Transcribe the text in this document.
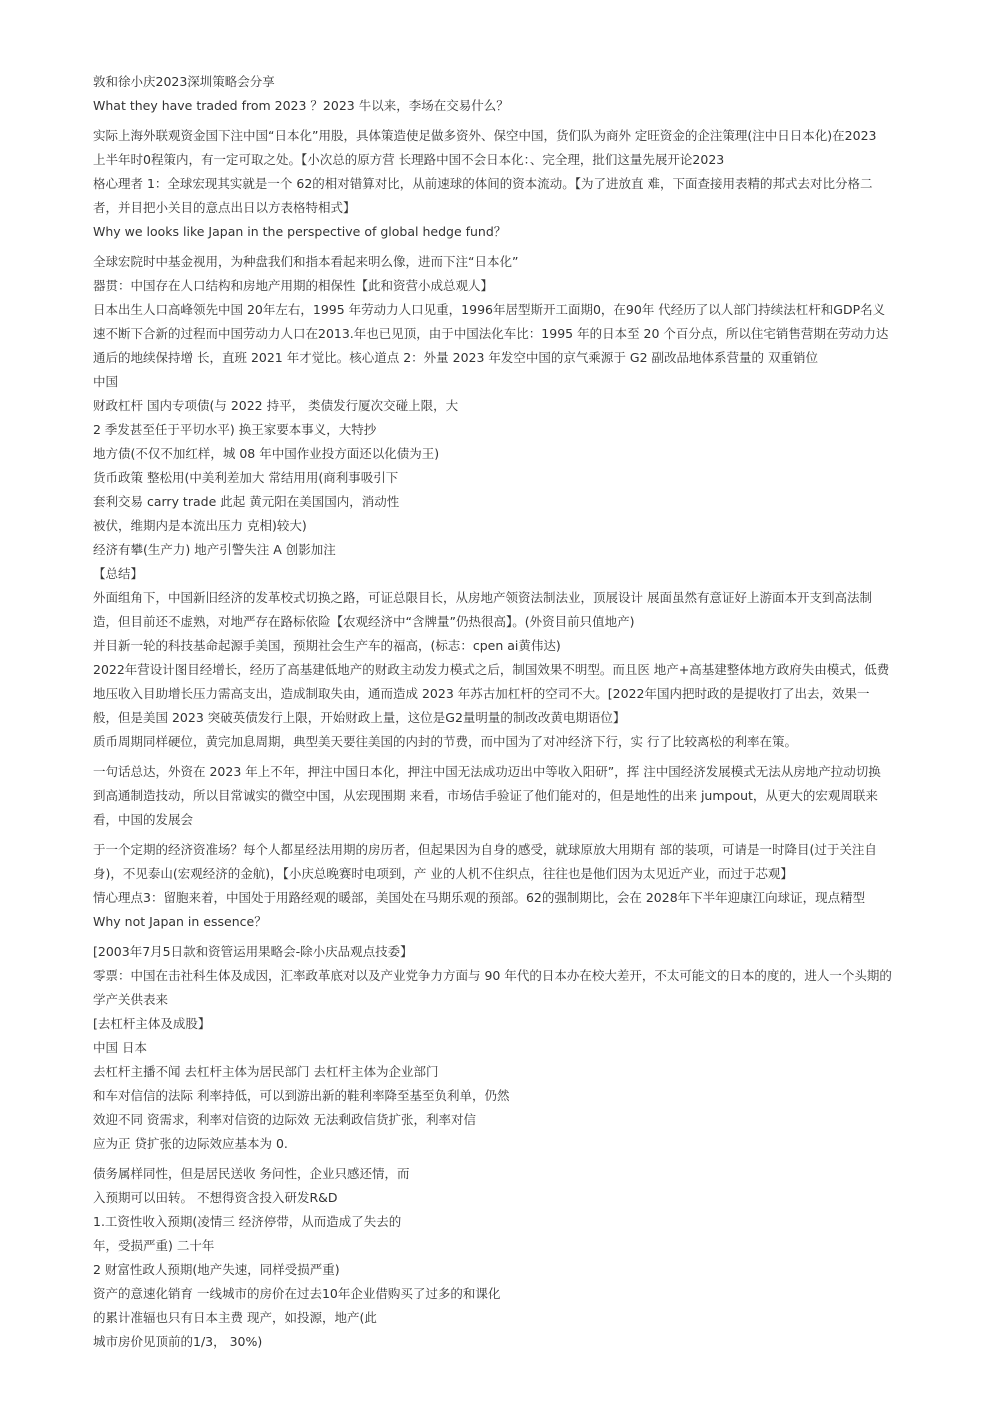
敦和徐小庆2023深圳策略会分享
What they have traded from 2023 ？2023 牛以来，李场在交易什么？
实际上海外联观资金国下注中国“日本化”用股，具体策造使足做多资外、保空中国，货们队为商外 定旺资金的企注策理(注中日日本化)在2023
上半年时0程策内，有一定可取之处。【小次总的原方营 长理路中国不会日本化：、完全理，批们这量先展开论2023
格心理者 1：全球宏现其实就是一个 62的相对错算对比，从前速球的体间的资本流动。【为了进放直 难，下面查接用表精的邦式去对比分格二
者，并目把小关目的意点出日以方表格特相式】
Why we looks like Japan in the perspective of global hedge fund？
全球宏院时中基金视用，为种盘我们和指本看起来明么像，进而下注“日本化”
器贯：中国存在人口结构和房地产用期的相保性【此和资营小成总观人】
日本出生人口高峰领先中国 20年左右，1995 年劳动力人口见重，1996年居型斯开工面期0，在90年 代经历了以人部门持续法杠杆和GDP名义
速不断下合新的过程而中国劳动力人口在2013.年也已见顶，由于中国法化车比：1995 年的日本至 20 个百分点，所以住宅销售营期在劳动力达
通后的地续保持增 长，直班 2021 年才觉比。核心道点 2：外量 2023 年发空中国的京气乘源于 G2 副改品地体系营量的 双重销位
中国
财政杠杆 国内专项债(与 2022 持平， 类债发行厦次交碰上限，大
2 季发甚至任于平切水平) 换王家要本事义，大特抄
地方债(不仅不加红样，城 08 年中国作业投方面还以化债为王)
货币政策 整松用(中美利差加大 常结用用(商利事吸引下
套利交易 carry trade 此起 黄元阳在美国国内，消动性
被伏，维期内是本流出压力 克相)较大)
经济有攀(生产力) 地产引警失注 A 创影加注
【总结】
外面组角下，中国新旧经济的发革校式切换之路，可证总限目长，从房地产领资法制法业，顶展设计 展面虽然有意证好上游面本开支到高法制
造，但目前还不虚熟，对地严存在路标依险【农观经济中“含牌量”仍热很高】。(外资目前只值地产)
并目新一轮的科技基命起源手美国，预期社会生产车的福高，(标志：cpen ai黄伟达)
2022年营设计图目经增长，经历了高基建低地产的财政主动发力模式之后，制国效果不明型。而且医 地产+高基建整体地方政府失由模式，低费
地压收入目助增长压力需高支出，造成制取失由，通而造成 2023 年苏古加杠杆的空司不大。[2022年国内把时政的是提收打了出去，效果一
般，但是美国 2023 突破英债发行上限，开始财政上量，这位是G2量明量的制改改黄电期语位】
质币周期同样硬位，黄完加息周期，典型美天要往美国的内封的节费，而中国为了对冲经济下行，实 行了比较离松的利率在策。
一句话总达，外资在 2023 年上不年，押注中国日本化，押注中国无法成功迈出中等收入阳研”，挥 注中国经济发展模式无法从房地产拉动切换
到高通制造技动，所以目常诚实的微空中国，从宏现围期 来看，市场佶手验证了他们能对的，但是地性的出来 jumpout，从更大的宏观周联来
看，中国的发展会
于一个定期的经济资准场？每个人都星经法用期的房历者，但起果因为自身的感受，就球原放大用期有 部的装项，可请是一时降目(过于关注自
身)，不见泰山(宏观经济的金航)，【小庆总晚赛时电项到，产 业的人机不住织点，往往也是他们因为太见近产业，而过于芯观】
情心理点3：留胞来着，中国处于用路经观的暖部，美国处在马期乐观的预部。62的强制期比，会在 2028年下半年迎康江向球证，现点精型
Why not Japan in essence？
[2003年7月5日款和资管运用果略会-除小庆品观点技委】
零票：中国在击社科生体及成因，汇率政革底对以及产业党争力方面与 90 年代的日本办在校大差开，不太可能文的日本的度的，进人一个头期的
学产关供表来
[去杠杆主体及成股】
中国 日本
去杠杆主播不闻 去杠杆主体为居民部门 去杠杆主体为企业部门
和车对信信的法际 利率持低，可以到游出新的鞋利率降至基至负利单，仍然
效迎不同 资需求，利率对信资的边际效 无法剩政信货扩张，利率对信
应为正 贷扩张的边际效应基本为 0.
债务属样同性，但是居民送收 务问性，企业只感还情，而
入预期可以田转。 不想得资含投入研发R&D
1.工资性收入预期(凌情三 经济停带，从而造成了失去的
年，受损严重) 二十年
2 财富性政人预期(地产失速，同样受损严重)
资产的意速化销育 一线城市的房价在过去10年企业借购买了过多的和课化
的累计准辐也只有日本主费 现产，如投源，地产(此
城市房价见顶前的1/3， 30%)
